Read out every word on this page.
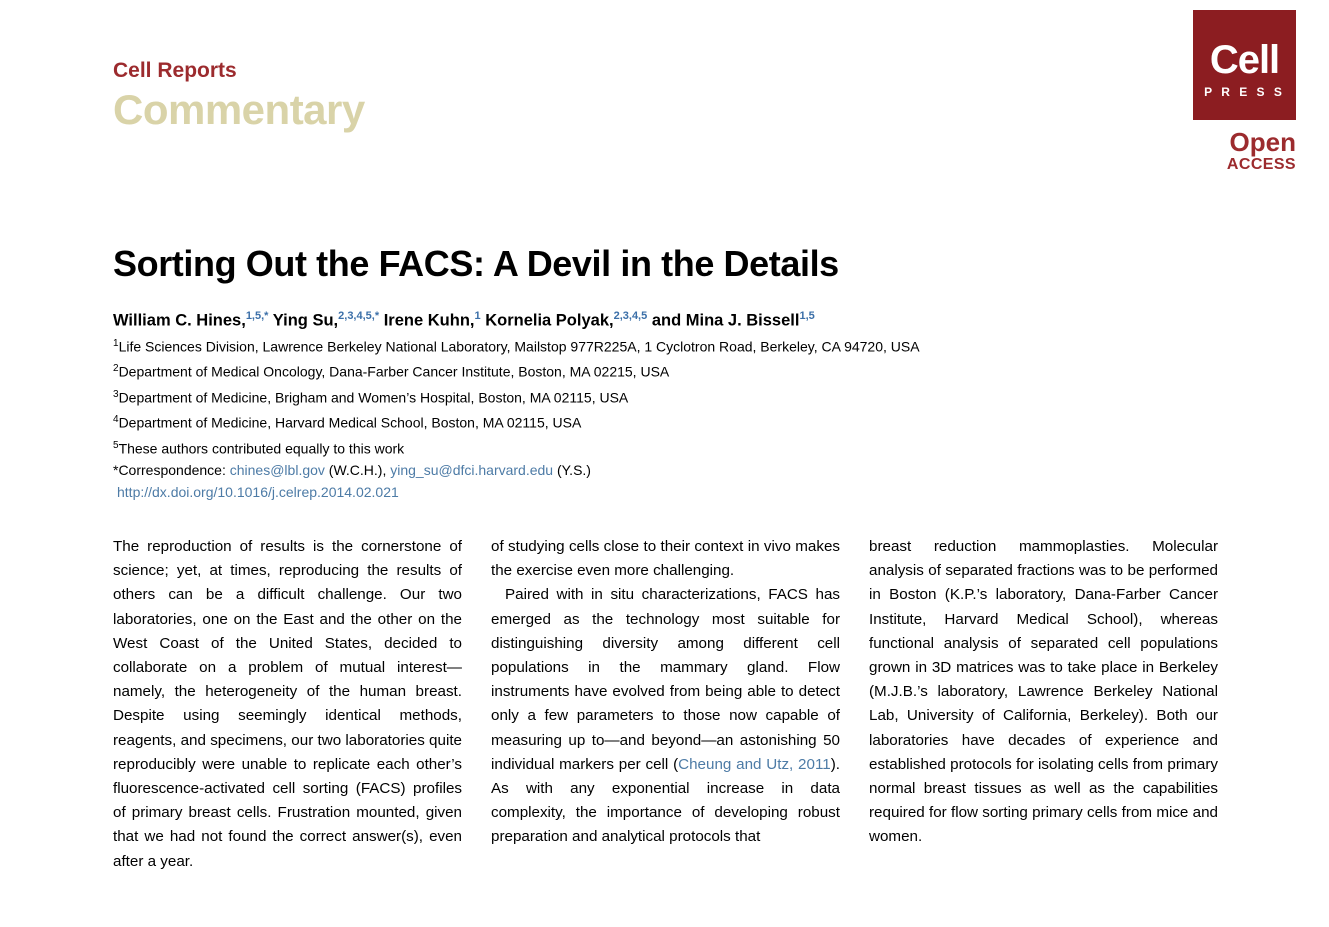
Cell Reports
Commentary
Cell
P R E S S
Open
ACCESS
Sorting Out the FACS: A Devil in the Details
William C. Hines,$^{1,5,*}$ Ying Su,$^{2,3,4,5,*}$ Irene Kuhn,$^1$ Kornelia Polyak,$^{2,3,4,5}$ and Mina J. Bissell$^{1,5}$
$^1$Life Sciences Division, Lawrence Berkeley National Laboratory, Mailstop 977R225A, 1 Cyclotron Road, Berkeley, CA 94720, USA
$^2$Department of Medical Oncology, Dana-Farber Cancer Institute, Boston, MA 02215, USA
$^3$Department of Medicine, Brigham and Women’s Hospital, Boston, MA 02115, USA
$^4$Department of Medicine, Harvard Medical School, Boston, MA 02115, USA
$^5$These authors contributed equally to this work
*Correspondence: chines@lbl.gov (W.C.H.), ying_su@dfci.harvard.edu (Y.S.)
http://dx.doi.org/10.1016/j.celrep.2014.02.021

The reproduction of results is the cornerstone of science; yet, at times, reproducing the results of others can be a difficult challenge. Our two laboratories, one on the East and the other on the West Coast of the United States, decided to collaborate on a problem of mutual interest—namely, the heterogeneity of the human breast. Despite using seemingly identical methods, reagents, and specimens, our two laboratories quite reproducibly were unable to replicate each other’s fluorescence-activated cell sorting (FACS) profiles of primary breast cells. Frustration mounted, given that we had not found the correct answer(s), even after a year.

of studying cells close to their context in vivo makes the exercise even more challenging.

Paired with in situ characterizations, FACS has emerged as the technology most suitable for distinguishing diversity among different cell populations in the mammary gland. Flow instruments have evolved from being able to detect only a few parameters to those now capable of measuring up to—and beyond—an astonishing 50 individual markers per cell (Cheung and Utz, 2011). As with any exponential increase in data complexity, the importance of developing robust preparation and analytical protocols that

breast reduction mammoplasties. Molecular analysis of separated fractions was to be performed in Boston (K.P.’s laboratory, Dana-Farber Cancer Institute, Harvard Medical School), whereas functional analysis of separated cell populations grown in 3D matrices was to take place in Berkeley (M.J.B.’s laboratory, Lawrence Berkeley National Lab, University of California, Berkeley). Both our laboratories have decades of experience and established protocols for isolating cells from primary normal breast tissues as well as the capabilities required for flow sorting primary cells from mice and women.
